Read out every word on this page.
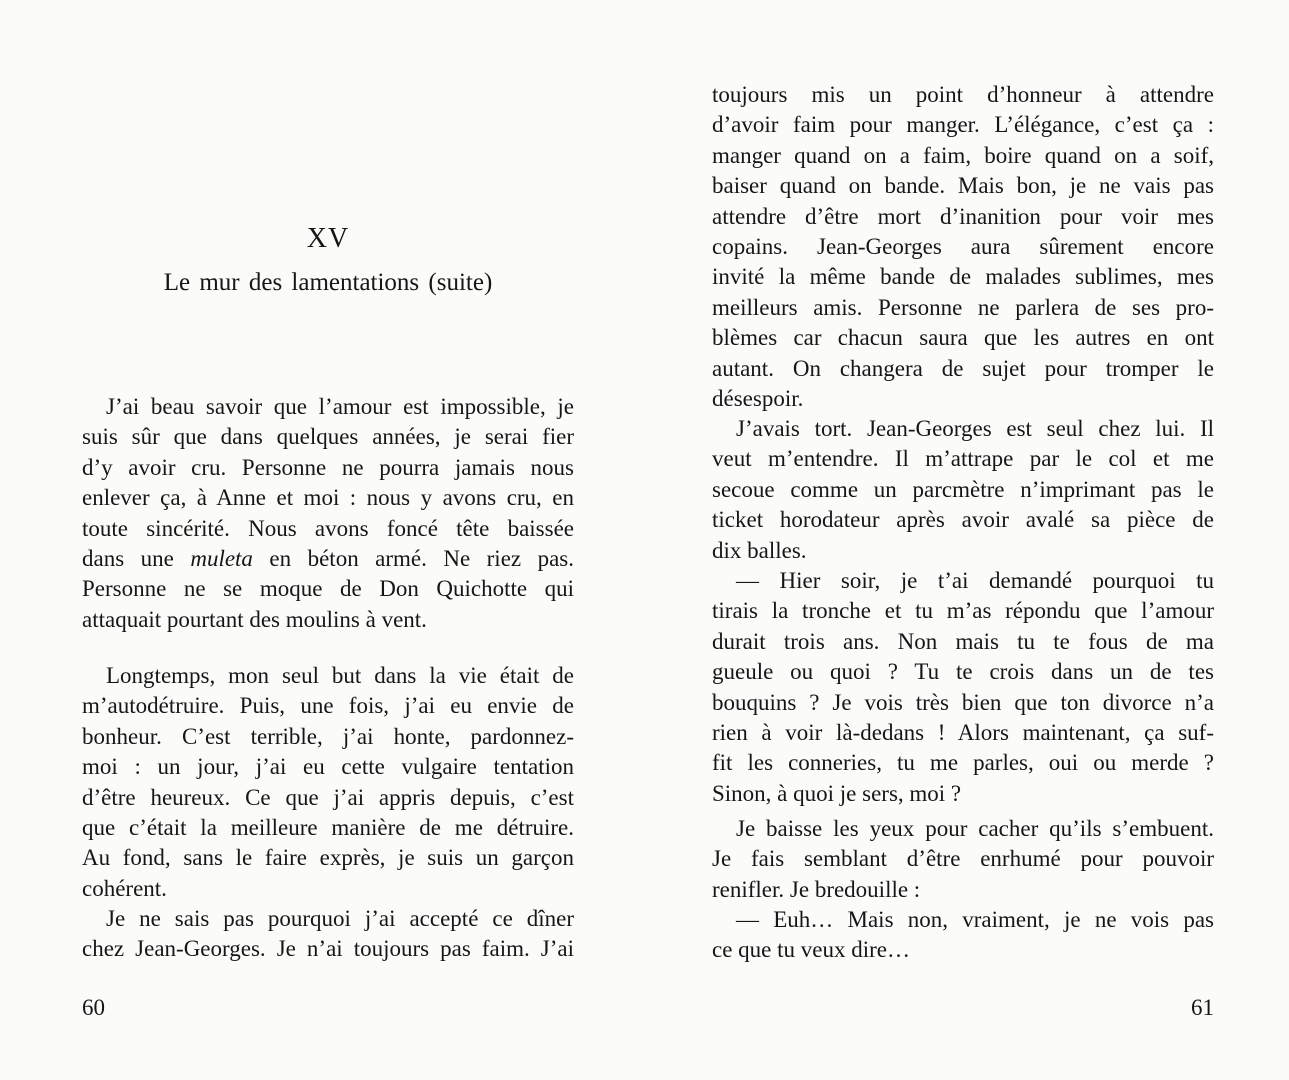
XV
Le mur des lamentations (suite)
J’ai beau savoir que l’amour est impossible, je
suis sûr que dans quelques années, je serai fier
d’y avoir cru. Personne ne pourra jamais nous
enlever ça, à Anne et moi : nous y avons cru, en
toute sincérité. Nous avons foncé tête baissée
dans une muleta en béton armé. Ne riez pas.
Personne ne se moque de Don Quichotte qui
attaquait pourtant des moulins à vent.
Longtemps, mon seul but dans la vie était de
m’autodétruire. Puis, une fois, j’ai eu envie de
bonheur. C’est terrible, j’ai honte, pardonnez-
moi : un jour, j’ai eu cette vulgaire tentation
d’être heureux. Ce que j’ai appris depuis, c’est
que c’était la meilleure manière de me détruire.
Au fond, sans le faire exprès, je suis un garçon
cohérent.
Je ne sais pas pourquoi j’ai accepté ce dîner
chez Jean-Georges. Je n’ai toujours pas faim. J’ai
60
toujours mis un point d’honneur à attendre
d’avoir faim pour manger. L’élégance, c’est ça :
manger quand on a faim, boire quand on a soif,
baiser quand on bande. Mais bon, je ne vais pas
attendre d’être mort d’inanition pour voir mes
copains. Jean-Georges aura sûrement encore
invité la même bande de malades sublimes, mes
meilleurs amis. Personne ne parlera de ses pro-
blèmes car chacun saura que les autres en ont
autant. On changera de sujet pour tromper le
désespoir.
J’avais tort. Jean-Georges est seul chez lui. Il
veut m’entendre. Il m’attrape par le col et me
secoue comme un parcmètre n’imprimant pas le
ticket horodateur après avoir avalé sa pièce de
dix balles.
— Hier soir, je t’ai demandé pourquoi tu
tirais la tronche et tu m’as répondu que l’amour
durait trois ans. Non mais tu te fous de ma
gueule ou quoi ? Tu te crois dans un de tes
bouquins ? Je vois très bien que ton divorce n’a
rien à voir là-dedans ! Alors maintenant, ça suf-
fit les conneries, tu me parles, oui ou merde ?
Sinon, à quoi je sers, moi ?
Je baisse les yeux pour cacher qu’ils s’embuent.
Je fais semblant d’être enrhumé pour pouvoir
renifler. Je bredouille :
— Euh… Mais non, vraiment, je ne vois pas
ce que tu veux dire…
61
